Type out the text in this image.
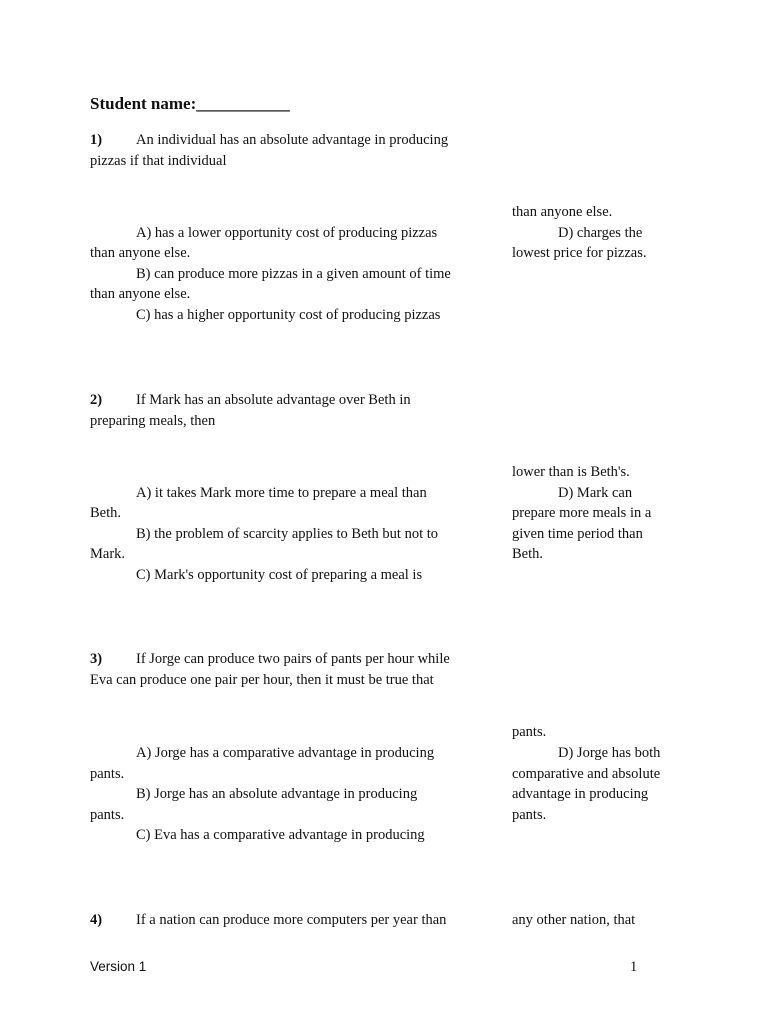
Student name:___________
1) An individual has an absolute advantage in producing
pizzas if that individual
A) has a lower opportunity cost of producing pizzas
than anyone else.
B) can produce more pizzas in a given amount of time
than anyone else.
C) has a higher opportunity cost of producing pizzas
than anyone else.
D) charges the
lowest price for pizzas.
2) If Mark has an absolute advantage over Beth in
preparing meals, then
A) it takes Mark more time to prepare a meal than
Beth.
B) the problem of scarcity applies to Beth but not to
Mark.
C) Mark's opportunity cost of preparing a meal is
lower than is Beth's.
D) Mark can
prepare more meals in a
given time period than
Beth.
3) If Jorge can produce two pairs of pants per hour while
Eva can produce one pair per hour, then it must be true that
A) Jorge has a comparative advantage in producing
pants.
B) Jorge has an absolute advantage in producing
pants.
C) Eva has a comparative advantage in producing
pants.
D) Jorge has both
comparative and absolute
advantage in producing
pants.
4) If a nation can produce more computers per year than	any other nation, that
Version 1	1
